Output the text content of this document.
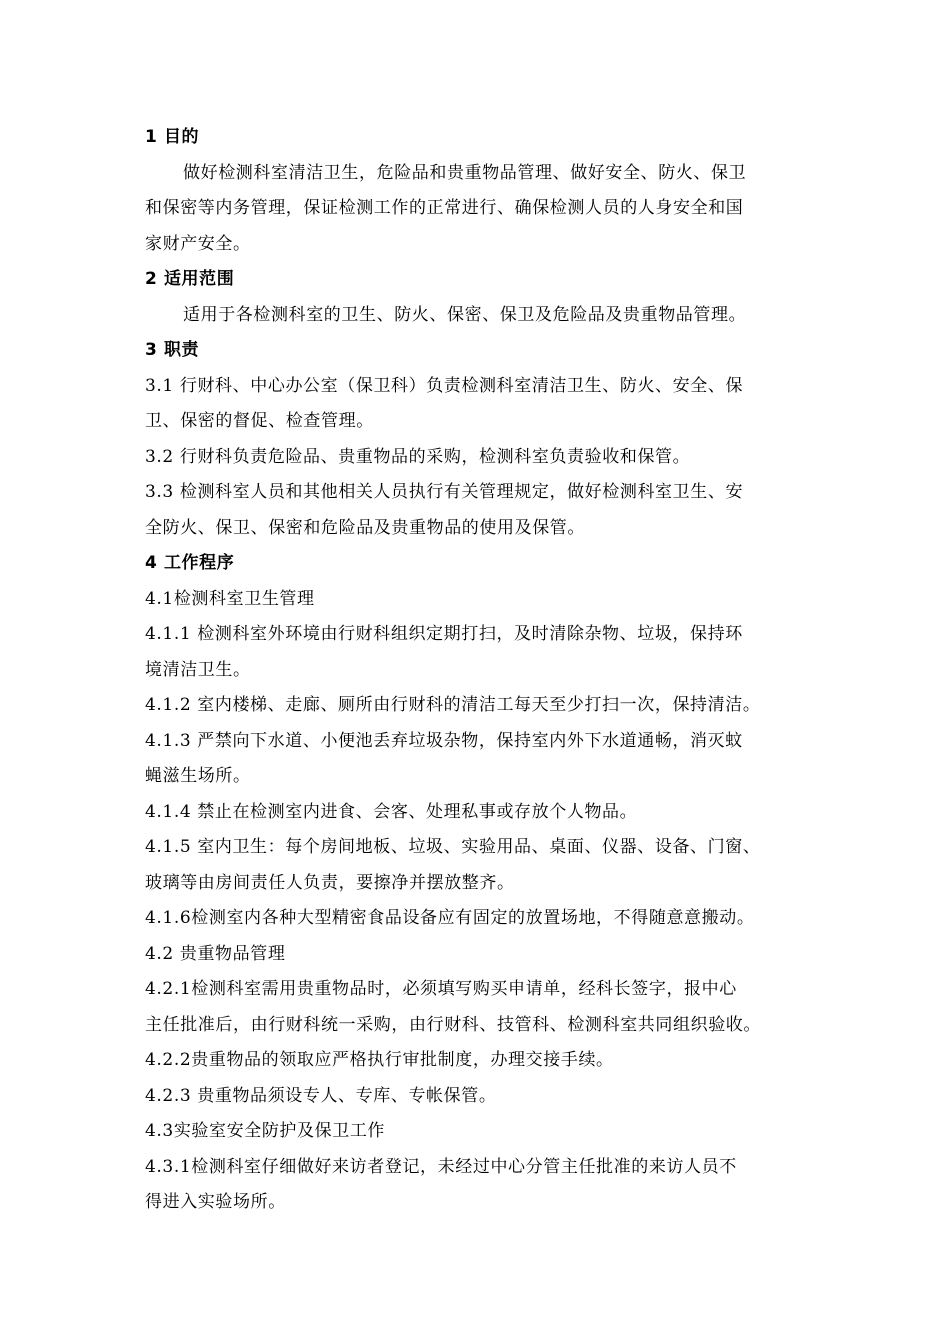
1 目的
做好检测科室清洁卫生，危险品和贵重物品管理、做好安全、防火、保卫
和保密等内务管理，保证检测工作的正常进行、确保检测人员的人身安全和国
家财产安全。
2 适用范围
适用于各检测科室的卫生、防火、保密、保卫及危险品及贵重物品管理。
3 职责
3.1 行财科、中心办公室（保卫科）负责检测科室清洁卫生、防火、安全、保
卫、保密的督促、检查管理。
3.2 行财科负责危险品、贵重物品的采购，检测科室负责验收和保管。
3.3 检测科室人员和其他相关人员执行有关管理规定，做好检测科室卫生、安
全防火、保卫、保密和危险品及贵重物品的使用及保管。
4 工作程序
4.1检测科室卫生管理
4.1.1 检测科室外环境由行财科组织定期打扫，及时清除杂物、垃圾，保持环
境清洁卫生。
4.1.2 室内楼梯、走廊、厕所由行财科的清洁工每天至少打扫一次，保持清洁。
4.1.3 严禁向下水道、小便池丢弃垃圾杂物，保持室内外下水道通畅，消灭蚊
蝇滋生场所。
4.1.4 禁止在检测室内进食、会客、处理私事或存放个人物品。
4.1.5 室内卫生：每个房间地板、垃圾、实验用品、桌面、仪器、设备、门窗、
玻璃等由房间责任人负责，要擦净并摆放整齐。
4.1.6检测室内各种大型精密食品设备应有固定的放置场地，不得随意意搬动。
4.2 贵重物品管理
4.2.1检测科室需用贵重物品时，必须填写购买申请单，经科长签字，报中心
主任批准后，由行财科统一采购，由行财科、技管科、检测科室共同组织验收。
4.2.2贵重物品的领取应严格执行审批制度，办理交接手续。
4.2.3 贵重物品须设专人、专库、专帐保管。
4.3实验室安全防护及保卫工作
4.3.1检测科室仔细做好来访者登记，未经过中心分管主任批准的来访人员不
得进入实验场所。
